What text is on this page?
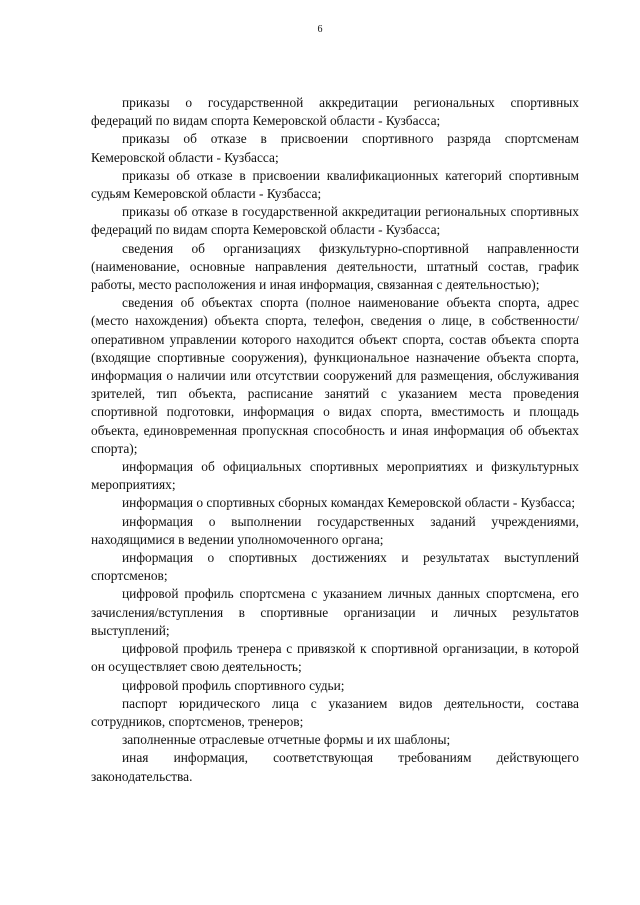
6

приказы о государственной аккредитации региональных спортивных федераций по видам спорта Кемеровской области - Кузбасса;

приказы об отказе в присвоении спортивного разряда спортсменам Кемеровской области - Кузбасса;

приказы об отказе в присвоении квалификационных категорий спортивным судьям Кемеровской области - Кузбасса;

приказы об отказе в государственной аккредитации региональных спортивных федераций по видам спорта Кемеровской области - Кузбасса;

сведения об организациях физкультурно-спортивной направленности (наименование, основные направления деятельности, штатный состав, график работы, место расположения и иная информация, связанная с деятельностью);

сведения об объектах спорта (полное наименование объекта спорта, адрес (место нахождения) объекта спорта, телефон, сведения о лице, в собственности/оперативном управлении которого находится объект спорта, состав объекта спорта (входящие спортивные сооружения), функциональное назначение объекта спорта, информация о наличии или отсутствии сооружений для размещения, обслуживания зрителей, тип объекта, расписание занятий с указанием места проведения спортивной подготовки, информация о видах спорта, вместимость и площадь объекта, единовременная пропускная способность и иная информация об объектах спорта);

информация об официальных спортивных мероприятиях и физкультурных мероприятиях;

информация о спортивных сборных командах Кемеровской области - Кузбасса;

информация о выполнении государственных заданий учреждениями, находящимися в ведении уполномоченного органа;

информация о спортивных достижениях и результатах выступлений спортсменов;

цифровой профиль спортсмена с указанием личных данных спортсмена, его зачисления/вступления в спортивные организации и личных результатов выступлений;

цифровой профиль тренера с привязкой к спортивной организации, в которой он осуществляет свою деятельность;

цифровой профиль спортивного судьи;

паспорт юридического лица с указанием видов деятельности, состава сотрудников, спортсменов, тренеров;

заполненные отраслевые отчетные формы и их шаблоны;

иная информация, соответствующая требованиям действующего законодательства.
